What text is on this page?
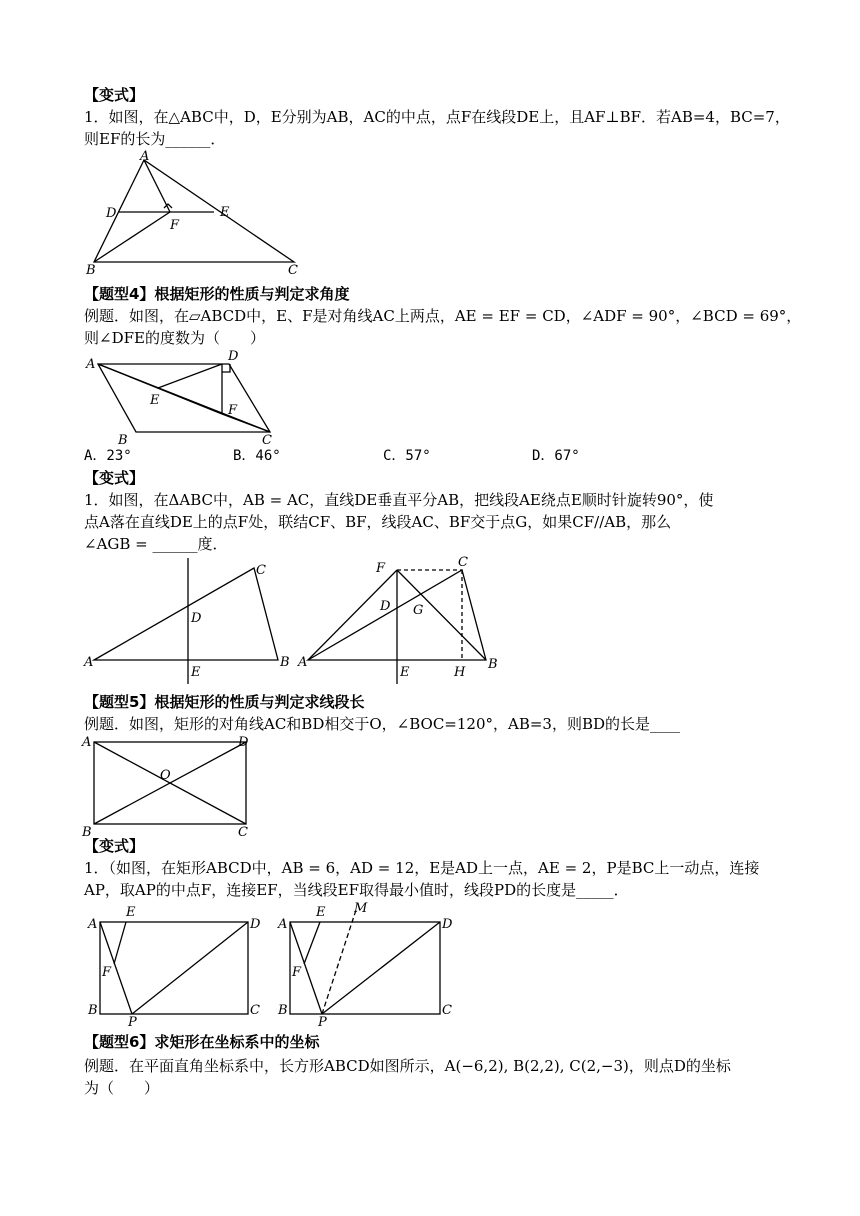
【变式】
1．如图，在△ABC中，D，E分别为AB，AC的中点，点F在线段DE上，且AF⊥BF．若AB=4，BC=7，
则EF的长为______．
A
B	C
D	E
F
【题型4】根据矩形的性质与判定求角度
例题．如图，在▱ABCD中，E、F是对角线AC上两点，AE = EF = CD，∠ADF = 90°，∠BCD = 69°，
则∠DFE的度数为（　　）
A
B	C
D
E
F
A．23°	B．46°	C．57°	D．67°
【变式】
1．如图，在ΔABC中，AB = AC，直线DE垂直平分AB，把线段AE绕点E顺时针旋转90°，使
点A落在直线DE上的点F处，联结CF、BF，线段AC、BF交于点G，如果CF//AB，那么
∠AGB = ______度．
A	B
C
D
E
F	C
D G
A
E	H
B
【题型5】根据矩形的性质与判定求线段长
例题．如图，矩形的对角线AC和BD相交于O，∠BOC=120°，AB=3，则BD的长是____
A
B	C
D
O
【变式】
1．（如图，在矩形ABCD中，AB = 6，AD = 12，E是AD上一点，AE = 2，P是BC上一动点，连接
AP，取AP的中点F，连接EF，当线段EF取得最小值时，线段PD的长度是_____．
A
E
D
F
B
P
C
A
E M
D
F
B
P
C
【题型6】求矩形在坐标系中的坐标
例题．在平面直角坐标系中，长方形ABCD如图所示，A(−6,2), B(2,2), C(2,−3)，则点D的坐标
为（　　）
